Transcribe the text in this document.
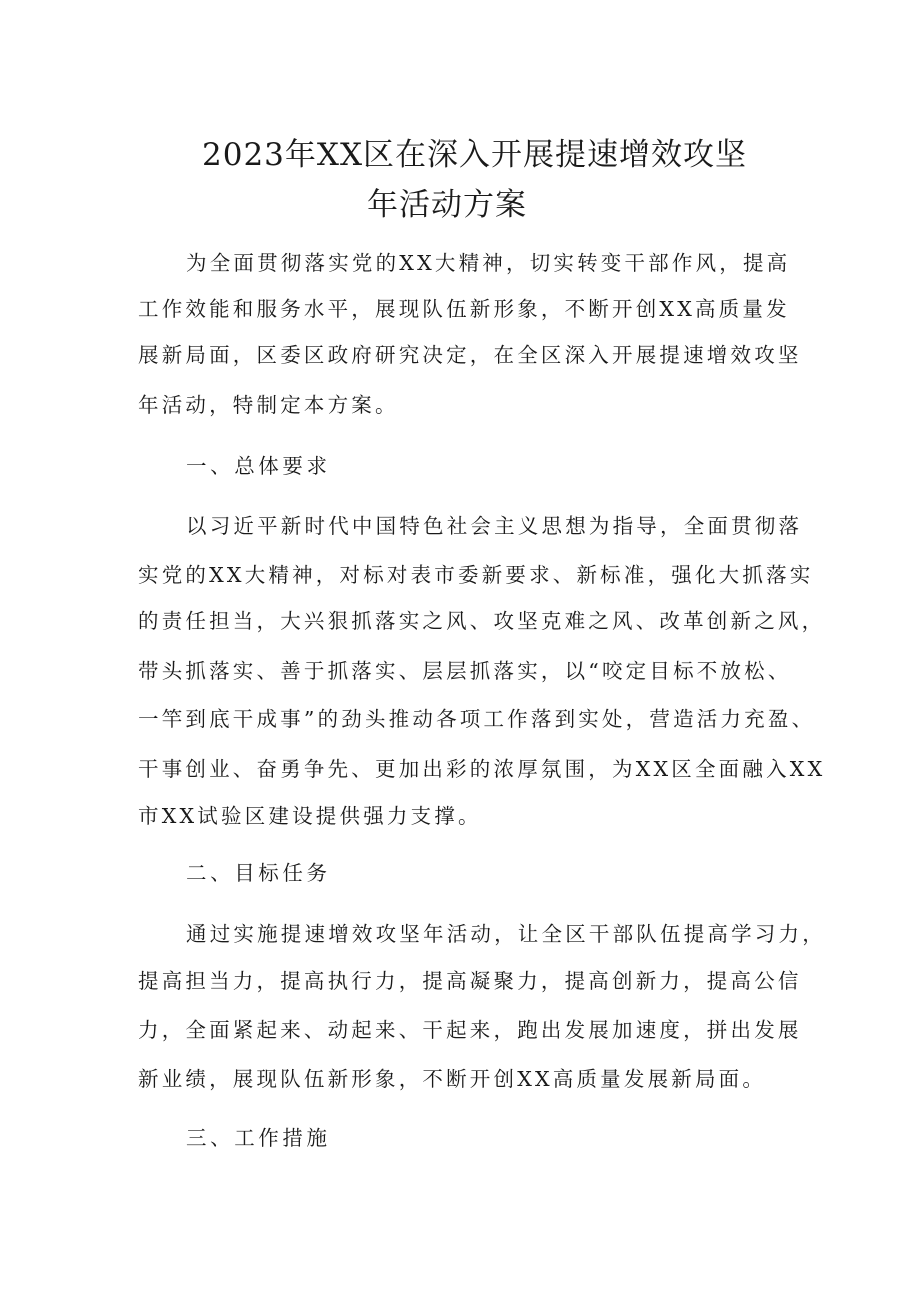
2023年XX区在深入开展提速增效攻坚
年活动方案

为全面贯彻落实党的XX大精神，切实转变干部作风，提高

工作效能和服务水平，展现队伍新形象，不断开创XX高质量发

展新局面，区委区政府研究决定，在全区深入开展提速增效攻坚

年活动，特制定本方案。

一、总体要求

以习近平新时代中国特色社会主义思想为指导，全面贯彻落

实党的XX大精神，对标对表市委新要求、新标准，强化大抓落实

的责任担当，大兴狠抓落实之风、攻坚克难之风、改革创新之风，

带头抓落实、善于抓落实、层层抓落实，以“咬定目标不放松、

一竿到底干成事”的劲头推动各项工作落到实处，营造活力充盈、

干事创业、奋勇争先、更加出彩的浓厚氛围，为XX区全面融入XX

市XX试验区建设提供强力支撑。

二、目标任务

通过实施提速增效攻坚年活动，让全区干部队伍提高学习力，

提高担当力，提高执行力，提高凝聚力，提高创新力，提高公信

力，全面紧起来、动起来、干起来，跑出发展加速度，拼出发展

新业绩，展现队伍新形象，不断开创XX高质量发展新局面。

三、工作措施
